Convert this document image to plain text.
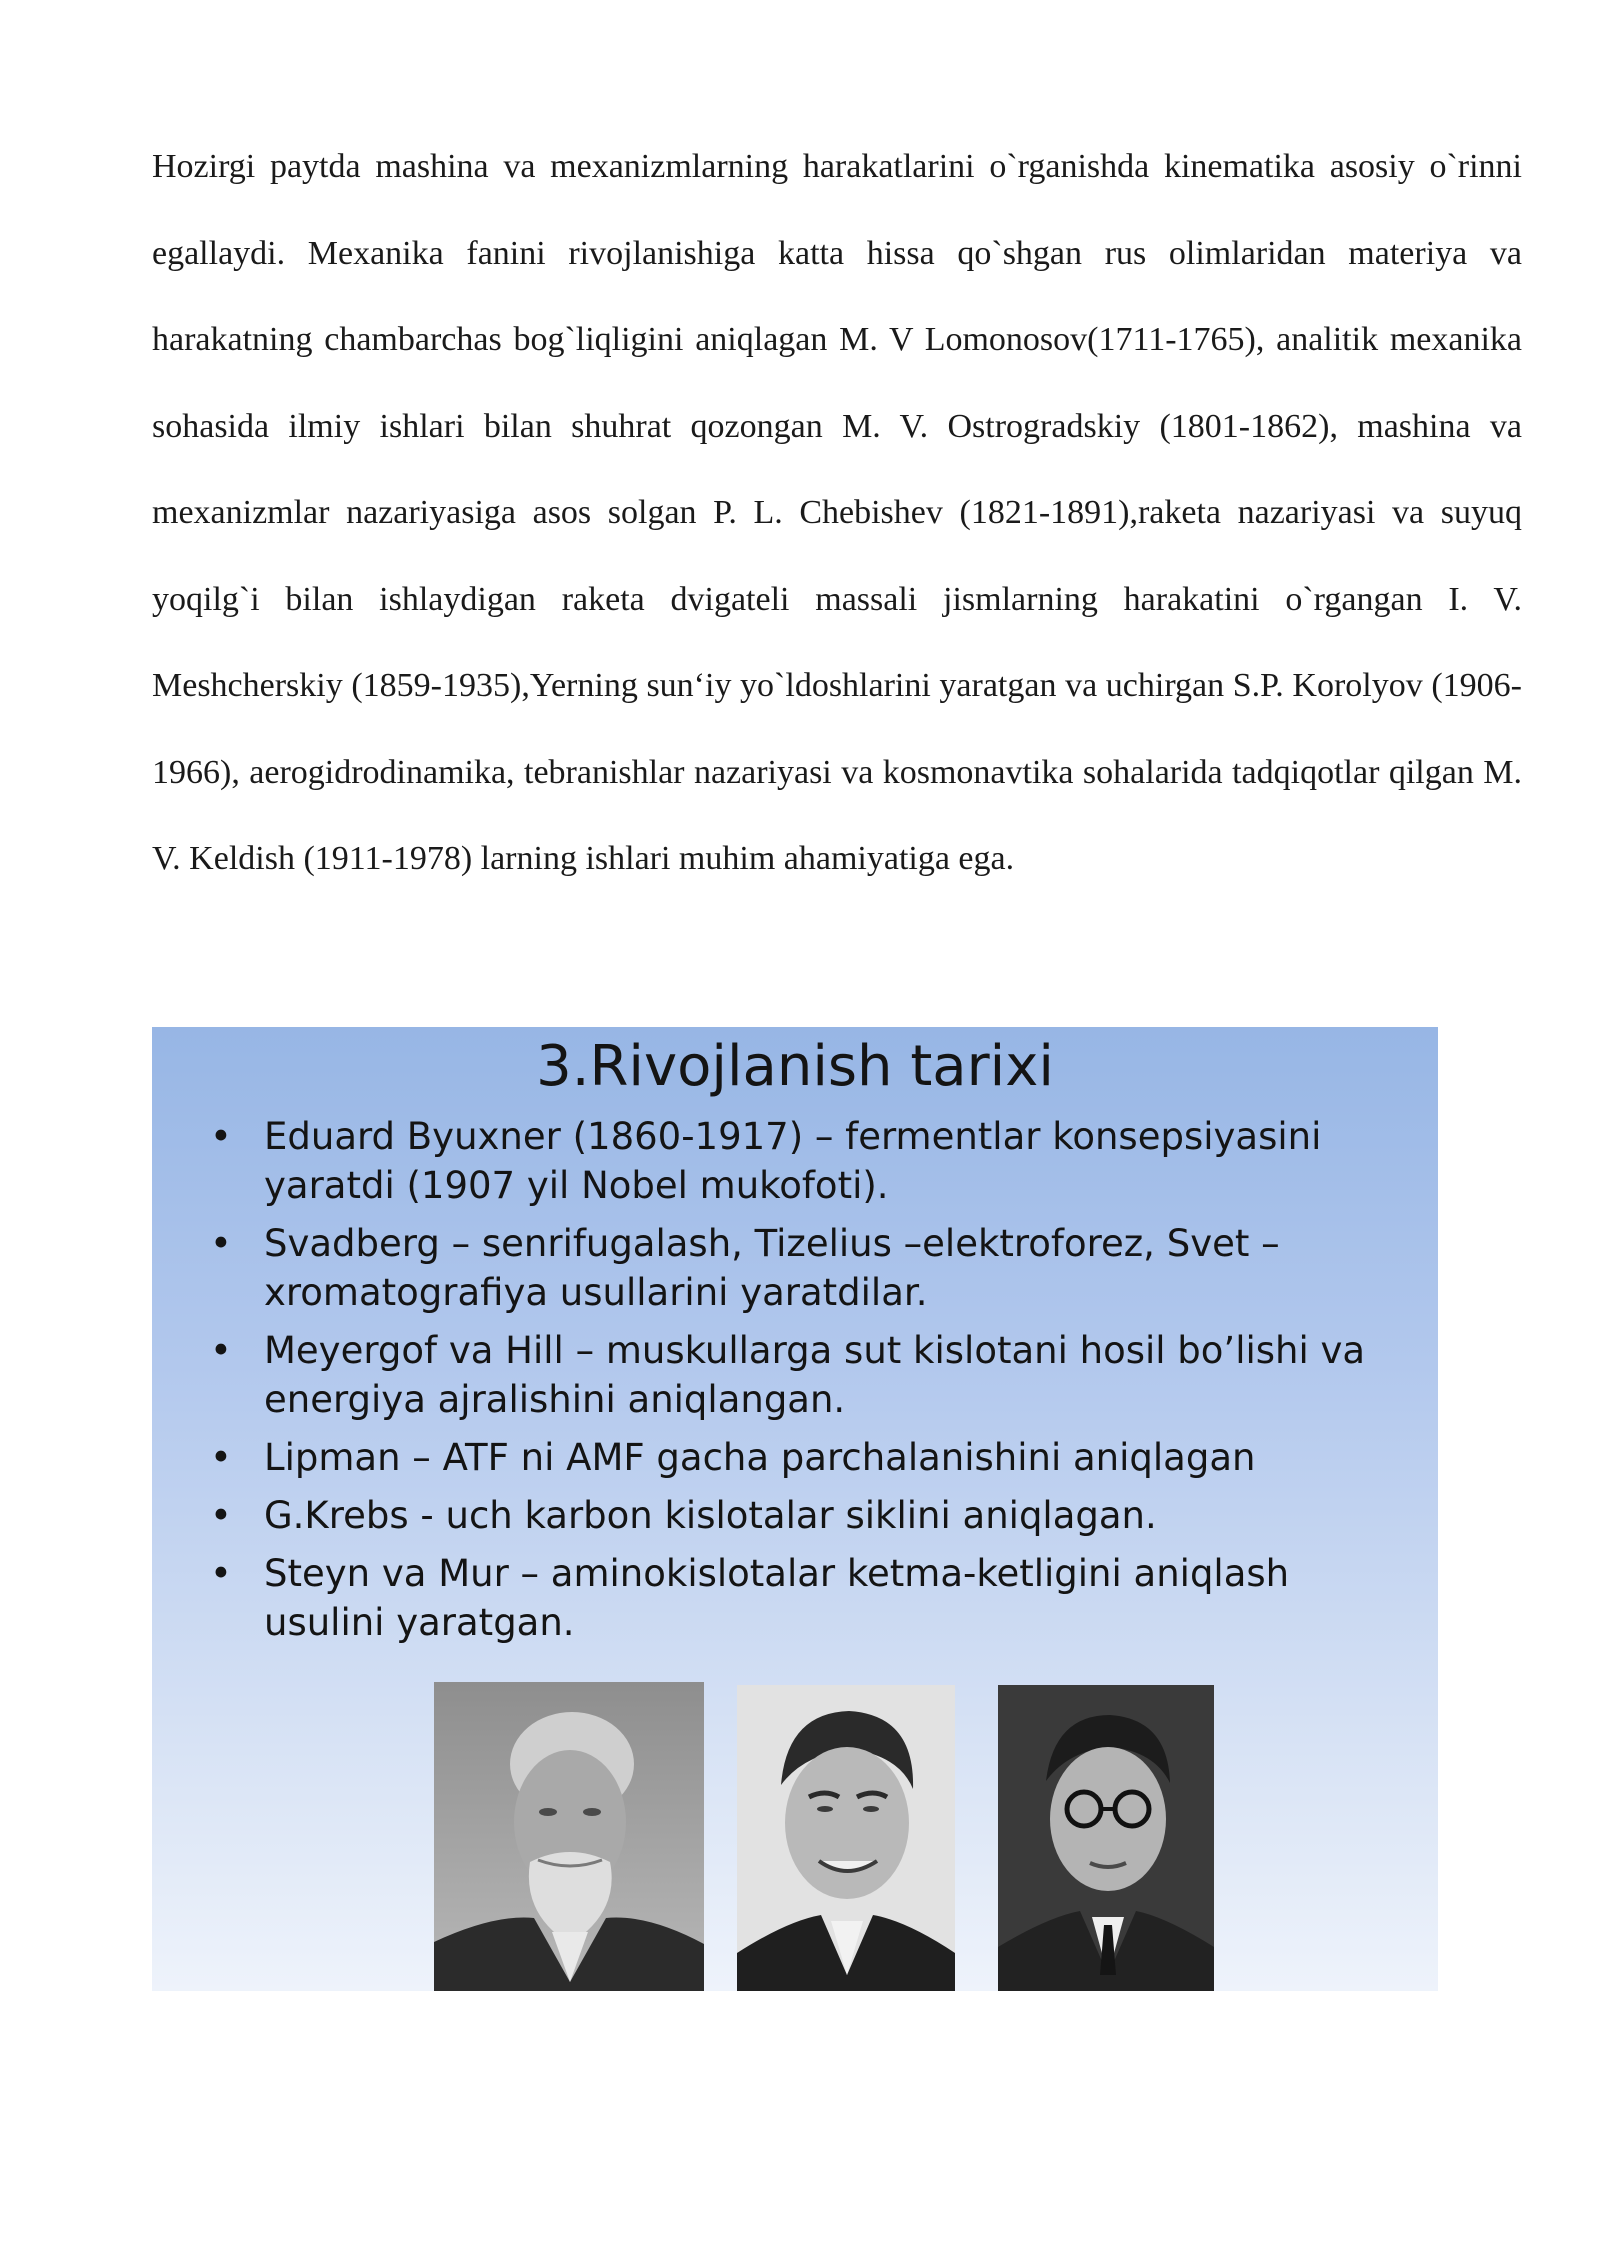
Hozirgi paytda mashina va mexanizmlarning harakatlarini o`rganishda kinematika asosiy o`rinni egallaydi. Mexanika fanini rivojlanishiga katta hissa qo`shgan rus olimlaridan materiya va harakatning chambarchas bog`liqligini aniqlagan M. V Lomonosov(1711-1765), analitik mexanika sohasida ilmiy ishlari bilan shuhrat qozongan M. V. Ostrogradskiy (1801-1862), mashina va mexanizmlar nazariyasiga asos solgan P. L. Chebishev (1821-1891),raketa nazariyasi va suyuq yoqilg`i bilan ishlaydigan raketa dvigateli massali jismlarning harakatini o`rgangan I. V. Meshcherskiy (1859-1935),Yerning sun‘iy yo`ldoshlarini yaratgan va uchirgan S.P. Korolyov (1906-1966), aerogidrodinamika, tebranishlar nazariyasi va kosmonavtika sohalarida tadqiqotlar qilgan M. V. Keldish (1911-1978) larning ishlari muhim ahamiyatiga ega.
3.Rivojlanish tarixi
• Eduard Byuxner (1860-1917) – fermentlar konsepsiyasini yaratdi (1907 yil Nobel mukofoti).
• Svadberg – senrifugalash, Tizelius –elektroforez, Svet – xromatografiya usullarini yaratdilar.
• Meyergof va Hill – muskullarga sut kislotani hosil bo’lishi va energiya ajralishini aniqlangan.
• Lipman – ATF ni AMF gacha parchalanishini aniqlagan
• G.Krebs - uch karbon kislotalar siklini aniqlagan.
• Steyn va Mur – aminokislotalar ketma-ketligini aniqlash usulini yaratgan.
